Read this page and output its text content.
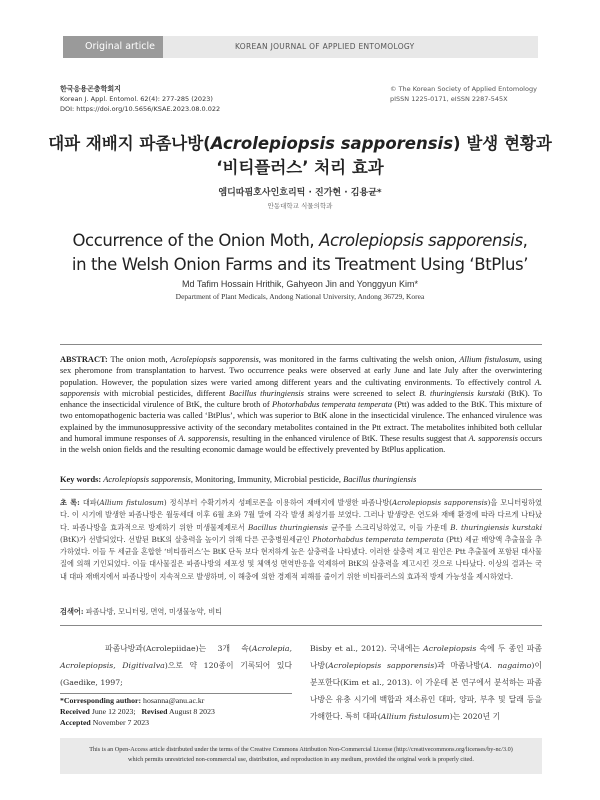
Original article	KOREAN JOURNAL OF APPLIED ENTOMOLOGY
한국응용곤충학회지
Korean J. Appl. Entomol. 62(4): 277-285 (2023)
DOI: https://doi.org/10.5656/KSAE.2023.08.0.022
© The Korean Society of Applied Entomology
pISSN 1225-0171, eISSN 2287-545X
대파 재배지 파좀나방(Acrolepiopsis sapporensis) 발생 현황과
‘비티플러스’ 처리 효과
엠디따핌호사인흐리틱 · 진가현 · 김용균*
안동대학교 식물의학과
Occurrence of the Onion Moth, Acrolepiopsis sapporensis,
in the Welsh Onion Farms and its Treatment Using ‘BtPlus’
Md Tafim Hossain Hrithik, Gahyeon Jin and Yonggyun Kim*
Department of Plant Medicals, Andong National University, Andong 36729, Korea
ABSTRACT: The onion moth, Acrolepiopsis sapporensis, was monitored in the farms cultivating the welsh onion, Allium fistulosum, using sex pheromone from transplantation to harvest. Two occurrence peaks were observed at early June and late July after the overwintering population. However, the population sizes were varied among different years and the cultivating environments. To effectively control A. sapporensis with microbial pesticides, different Bacillus thuringiensis strains were screened to select B. thuringiensis kurstaki (BtK). To enhance the insecticidal virulence of BtK, the culture broth of Photorhabdus temperata temperata (Ptt) was added to the BtK. This mixture of two entomopathogenic bacteria was called ‘BtPlus’, which was superior to BtK alone in the insecticidal virulence. The enhanced virulence was explained by the immunosuppressive activity of the secondary metabolites contained in the Ptt extract. The metabolites inhibited both cellular and humoral immune responses of A. sapporensis, resulting in the enhanced virulence of BtK. These results suggest that A. sapporensis occurs in the welsh onion fields and the resulting economic damage would be effectively prevented by BtPlus application.
Key words: Acrolepiopsis sapporensis, Monitoring, Immunity, Microbial pesticide, Bacillus thuringiensis
초 록: 대파(Allium fistulosum) 정식부터 수확기까지 성페로몬을 이용하여 재배지에 발생한 파좀나방(Acrolepiopsis sapporensis)을 모니터링하였다. 이 시기에 발생한 파좀나방은 월동세대 이후 6월 초와 7월 말에 각각 발생 최성기를 보였다. 그러나 발생량은 연도와 재배 환경에 따라 다르게 나타났다. 파좀나방을 효과적으로 방제하기 위한 미생물제제로서 Bacillus thuringiensis 균주를 스크리닝하였고, 이들 가운데 B. thuringiensis kurstaki (BtK)가 선발되었다. 선발된 BtK의 살충력을 높이기 위해 다른 곤충병원세균인 Photorhabdus temperata temperata (Ptt) 세균 배양액 추출물을 추가하였다. 이들 두 세균을 혼합한 ‘비티플러스’는 BtK 단독 보다 현저하게 높은 살충력을 나타냈다. 이러한 살충력 제고 원인은 Ptt 추출물에 포함된 대사물질에 의해 기인되었다. 이들 대사물질은 파좀나방의 세포성 및 체액성 면역반응을 억제하여 BtK의 살충력을 제고시킨 것으로 나타났다. 이상의 결과는 국내 대파 재배지에서 파좀나방이 지속적으로 발생하며, 이 해충에 의한 경제적 피해를 줄이기 위한 비티플러스의 효과적 방제 가능성을 제시하였다.
검색어: 파좀나방, 모니터링, 면역, 미생물농약, 비티
파좀나방과(Acrolepiidae)는 3개 속(Acrolepia, Acrolepiopsis, Digitivalva)으로 약 120종이 기록되어 있다(Gaedike, 1997;
Bisby et al., 2012). 국내에는 Acrolepiopsis 속에 두 종인 파좀나방(Acrolepiopsis sapporensis)과 마좀나방(A. nagaimo)이 분포한다(Kim et al., 2013). 이 가운데 본 연구에서 분석하는 파좀나방은 유충 시기에 백합과 채소류인 대파, 양파, 부추 및 달래 등을 가해한다. 특히 대파(Allium fistulosum)는 2020년 기
*Corresponding author: hosanna@anu.ac.kr
Received June 12 2023; Revised August 8 2023
Accepted November 7 2023
This is an Open-Access article distributed under the terms of the Creative Commons Attribution Non-Commercial License (http://creativecommons.org/licenses/by-nc/3.0)
which permits unrestricted non-commercial use, distribution, and reproduction in any medium, provided the original work is properly cited.
